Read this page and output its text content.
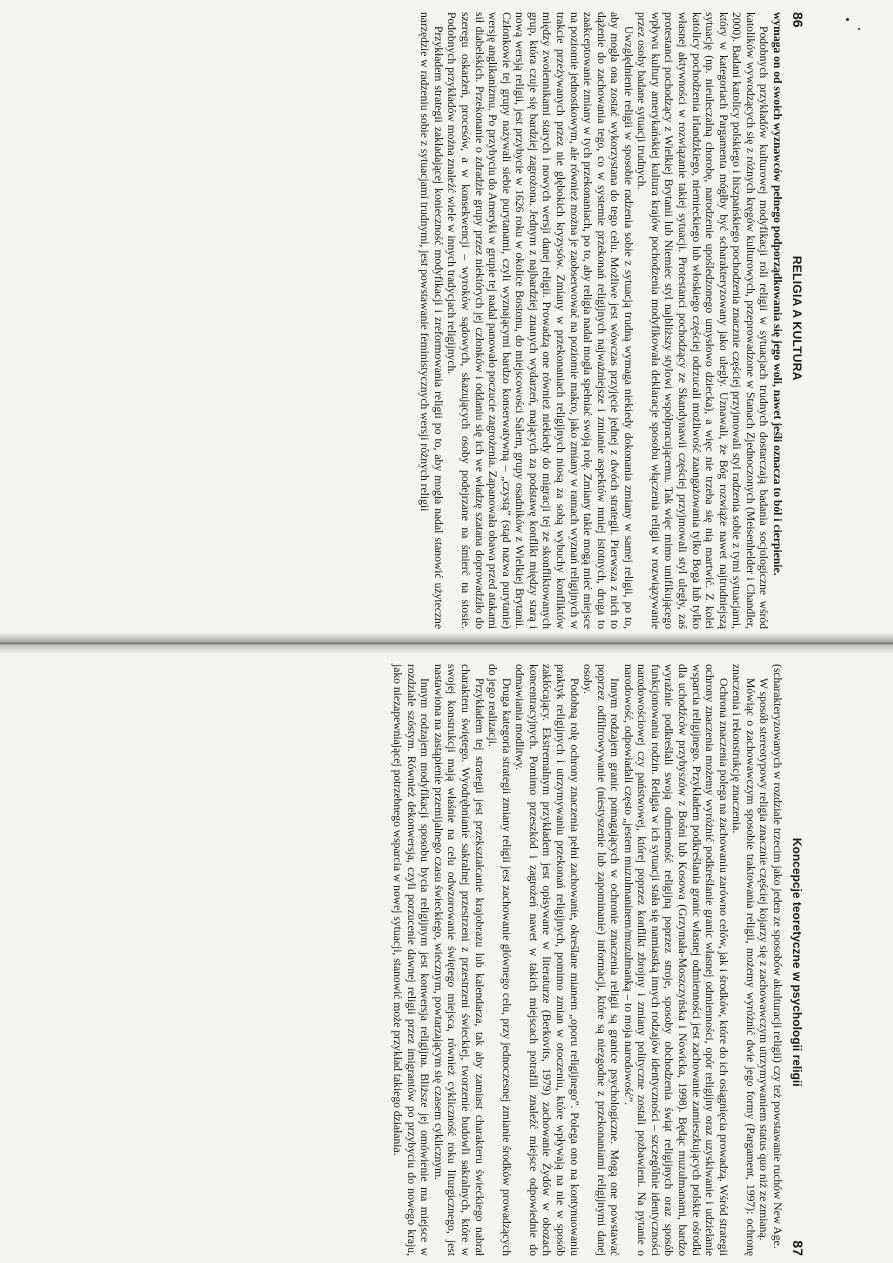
86
RELIGIA A KULTURA

wymaga on od swoich wyznawców pełnego podporządkowania się jego woli, nawet jeśli oznacza to ból i cierpienie.

Podobnych przykładów kulturowej modyfikacji roli religii w sytuacjach trudnych dostarczają badania socjologiczne wśród katolików wywodzących się z różnych kręgów kulturowych, przeprowadzone w Stanach Zjednoczonych (Meisenhelder i Chandler, 2000). Badani katolicy polskiego i hiszpańskiego pochodzenia znacznie częściej przyjmowali styl radzenia sobie z tymi sytuacjami, który w kategoriach Pargamenta mógłby być scharakteryzowany jako ulegly. Uznawali, że Bóg rozwiąże nawet najtrudniejszą sytuację (np. nieuleczalną chorobę, narodzenie upośledzonego umysłowo dziecka), a więc nie trzeba się nią martwić. Z kolei katolicy pochodzenia irlandzkiego, niemieckiego lub włoskiego częściej odrzucali możliwość zaangażowania tylko Boga lub tylko własnej aktywności w rozwiązanie takiej sytuacji. Protestanci pochodzący ze Skandynawii częściej przyjmowali styl uległy, zaś protestanci pochodzący z Wielkiej Brytanii lub Niemiec styl najbliższy stylowi współpracującemu. Tak więc mimo unifikującego wpływu kultury amerykańskiej kultura krajów pochodzenia modyfikowała deklaracje sposobu włączenia religii w rozwiązywanie przez osoby badane sytuacji trudnych.

Uwzględnienie religii w sposobie radzenia sobie z sytuacją trudną wymaga niekiedy dokonania zmiany w samej religii, po to, aby mogła ona zostać wykorzystana do tego celu. Możliwe jest wówczas przyjęcie jednej z dwóch strategii. Pierwsza z nich to dążenie do zachowania tego, co w systemie przekonań religijnych najważniejsze i zmianie aspektów mniej istotnych, druga to zaakceptowanie zmiany w tych przekonaniach, po to, aby religia nadal mogła spełniać swoją rolę. Zmiany takie mogą mieć miejsce na poziomie jednostkowym, ale również można je zaobserwować na poziomie makro, jako zmiany w ramach wyznań religijnych w trakcie przeżywanych przez nie głębokich kryzysów. Zmiany w przekonaniach religijnych niosą za sobą wybuchy konfliktów między zwolennikami starych i nowych wersji danej religii. Prowadzą one również niekiedy do migracji tej ze skonfliktowanych grup, która czuje się bardziej zagrożona. Jednym z najbardziej znanych wydarzeń, mających za podstawę konflikt między starą i nową wersją religii, jest przybycie w 1626 roku w okolice Bostonu, do miejscowości Salem, grupy osadników z Wielkiej Brytanii. Członkowie tej grupy nazywali siebie purytanami, czyli wyznającymi bardzo konserwatywną – „czystą” (stąd nazwa purytanie) wersję anglikanizmu. Po przybyciu do Ameryki w grupie tej nadal panowało poczucie zagrożenia. Zapanowała obawa przed atakami sił diabelskich. Przekonanie o zdradzie grupy przez niektórych jej członków i oddaniu się ich we władzę szatana doprowadziło do szeregu oskarżeń, procesów, a w konsekwencji – wyroków sądowych, skazujących osoby podejrzane na śmierć na stosie. Podobnych przykładów można znaleźć wiele w innych tradycjach religijnych.

Przykładem strategii zakładającej konieczność modyfikacji i zreformowania religii po to, aby mogła nadal stanowić użyteczne narzędzie w radzeniu sobie z sytuacjami trudnymi, jest powstawanie feministycznych wersji różnych religii

Koncepcje teoretyczne w psychologii religii
87

(scharakteryzowanych w rozdziale trzecim jako jeden ze sposobów akulturacji religii) czy też powstawanie ruchów New Age.

W sposób stereotypowy religia znacznie częściej kojarzy się z zachowawczym utrzymywaniem status quo niż ze zmianą.

Mówiąc o zachowawczym sposobie traktowania religii, możemy wyróżnić dwie jego formy (Pargament, 1997): ochronę znaczenia i rekonstrukcję znaczenia.

Ochrona znaczenia polega na zachowaniu zarówno celów, jak i środków, które do ich osiągnięcia prowadzą. Wśród strategii ochrony znaczenia możemy wyróżnić podkreślanie granic własnej odmienności, opór religijny oraz uzyskiwanie i udzielanie wsparcia religijnego. Przykładem podkreślania granic własnej odmienności jest zachowanie zamieszkujących polskie ośrodki dla uchodźców przybyszów z Bośni lub Kosowa (Grzymała-Moszczyńska i Nowicka, 1998). Będąc muzułmanami, bardzo wyraźnie podkreślali swoją odmienność religijną poprzez stroje, sposoby obchodzenia świąt religijnych oraz sposób funkcjonowania rodzin. Religia w ich sytuacji stała się namiastką innych rodzajów identyczności – szczególnie identyczności narodowościowej czy państwowej, której poprzez konflikt zbrojny i zmiany polityczne zostali pozbawieni. Na pytanie o narodowość, odpowiadali często „jestem muzułmaninem/muzułmanką – to moja narodowość”.

Innym rodzajem granic pomagających w ochronie znaczenia religii są granice psychologiczne. Mogą one powstawać poprzez odfiltrowywanie (niestyszenie lub zapominanie) informacji, które są niezgodne z przekonaniami religijnymi danej osoby.

Podobną rolę ochrony znaczenia pełni zachowanie, określane mianem „oporu religijnego”. Polega ono na kontynuowaniu praktyk religijnych i utrzymywaniu przekonań religijnych, pomimo zmian w otoczeniu, które wpływają na nie w sposób zakłócający. Ekstremalnym przykładem jest opisywane w literaturze (Berkovits, 1979) zachowanie Żydów w obozach koncentracyjnych. Pomimo przeszkód i zagrożeń nawet w takich miejscach potrafili znaleźć miejsce odpowiednie do odmawiania modlitwy.

Druga kategoria strategii zmiany religii jest zachowanie głównego celu, przy jednoczesnej zmianie środków prowadzących do jego realizacji.

Przykładem tej strategii jest przekształcanie krajobrazu lub kalendarza, tak aby zamiast charakteru świeckiego nabrał charakteru świętego. Wyodrębnianie sakralnej przestrzeni z przestrzeni świeckiej, tworzenie budowli sakralnych, które w swojej konstrukcji mają właśnie na celu odwzorowanie świętego miejsca, również cykliczność roku liturgicznego, jest nastawiona na zastąpienie przemijalnego czasu świeckiego, wiecznym, powtarzającym się czasem cyklicznym.

Innym rodzajem modyfikacji sposobu bycia religijnym jest konwersja religijna. Bliższe jej omówienie ma miejsce w rozdziale szóstym. Również dekonwersja, czyli porzucenie dawnej religii przez imigrantów po przybyciu do nowego kraju, jako niezapewniającej potrzebnego wsparcia w nowej sytuacji, stanowić może przykład takiego działania.
